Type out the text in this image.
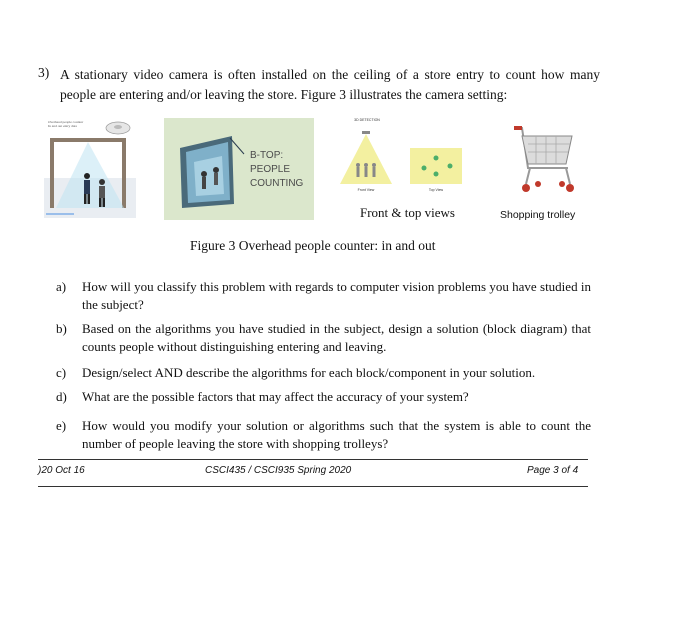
3) A stationary video camera is often installed on the ceiling of a store entry to count how many people are entering and/or leaving the store. Figure 3 illustrates the camera setting:
Overhead people counter
In and out entry data
B-TOP:
PEOPLE
COUNTING
3D DETECTION
Front View	Top View
Front & top views	Shopping trolley
Figure 3 Overhead people counter: in and out
a) How will you classify this problem with regards to computer vision problems you have studied in the subject?
b) Based on the algorithms you have studied in the subject, design a solution (block diagram) that counts people without distinguishing entering and leaving.
c) Design/select AND describe the algorithms for each block/component in your solution.
d) What are the possible factors that may affect the accuracy of your system?
e) How would you modify your solution or algorithms such that the system is able to count the number of people leaving the store with shopping trolleys?
)20 Oct 16	CSCI435 / CSCI935 Spring 2020	Page 3 of 4
